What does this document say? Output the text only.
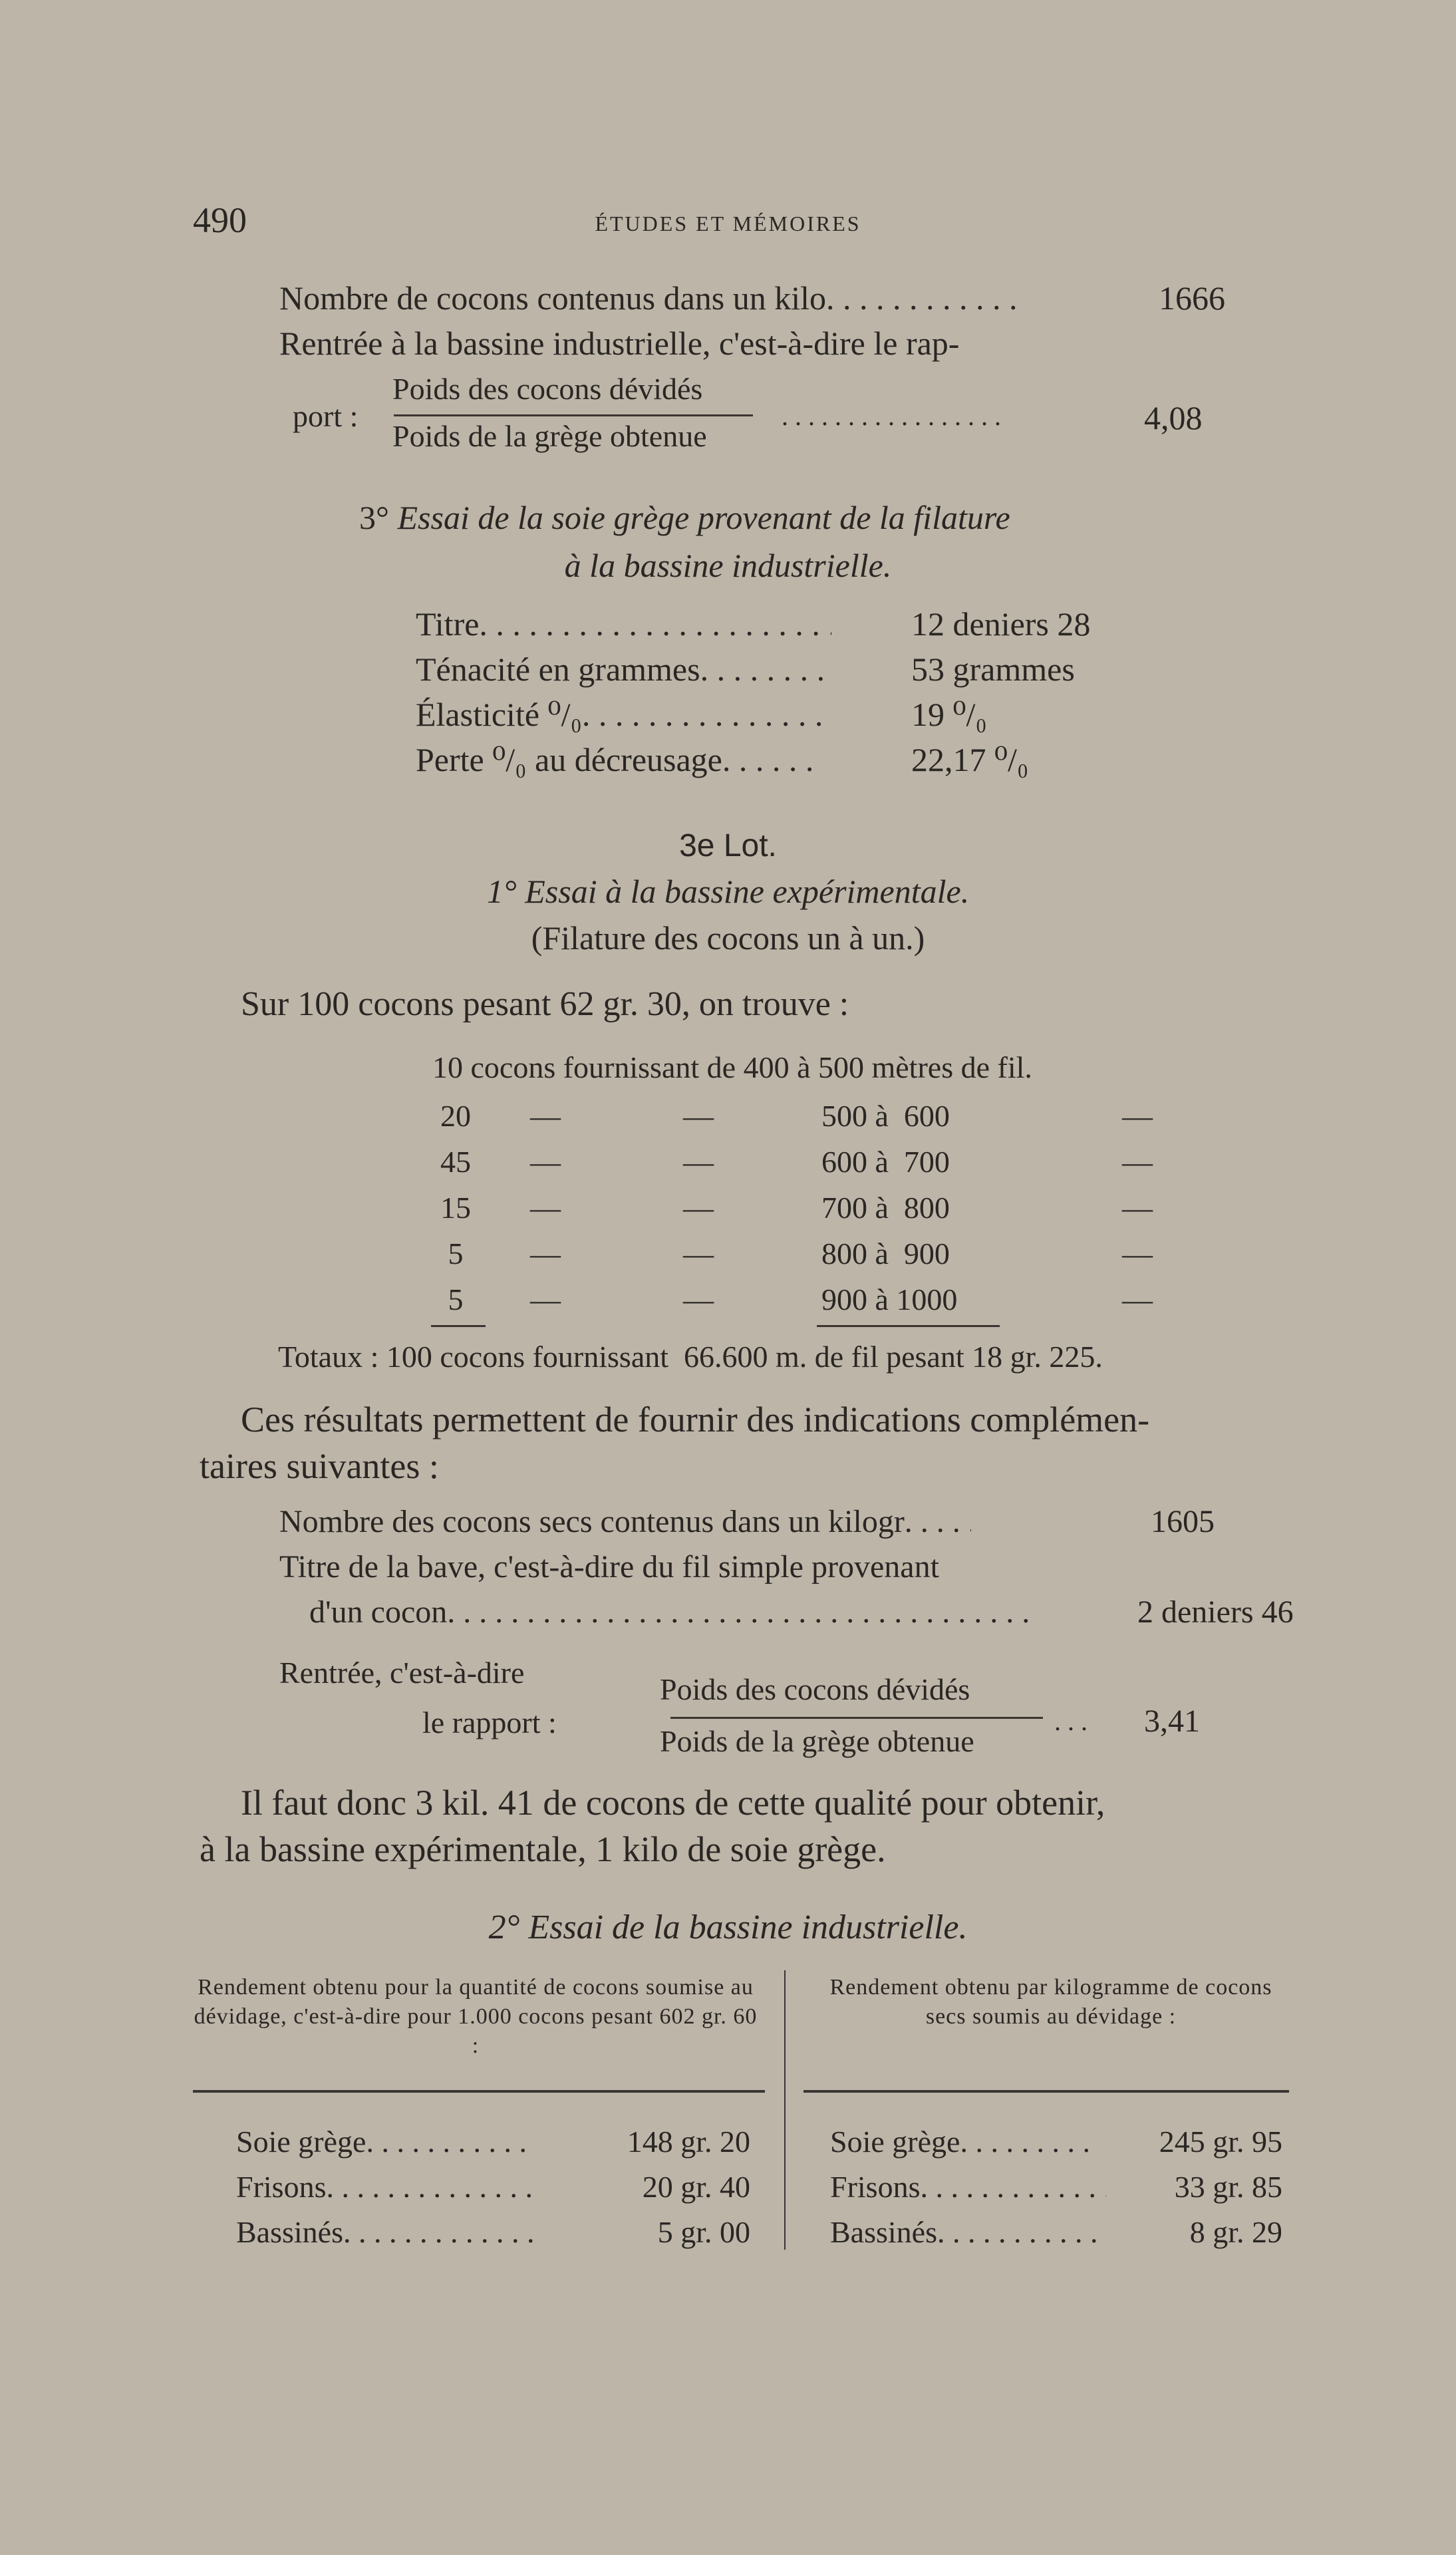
490	ÉTUDES ET MÉMOIRES
Nombre de cocons contenus dans un kilo . . .	1666
Rentrée à la bassine industrielle, c'est-à-dire le rap-
Poids des cocons dévidés
port :
Poids de la grège obtenue
. . . . . . . . . . . . . . . . .	4,08
3° Essai de la soie grège provenant de la filature
à la bassine industrielle.
Titre . . .	12 deniers 28
Ténacité en grammes . . .	53 grammes
Élasticité ⁰/₀ . . .	19 ⁰/₀
Perte ⁰/₀ au décreusage . . .	22,17 ⁰/₀
3e Lot.
1° Essai à la bassine expérimentale.
(Filature des cocons un à un.)
Sur 100 cocons pesant 62 gr. 30, on trouve :
10 cocons fournissant de 400 à 500 mètres de fil.
20	—	—	500 à  600	—
45	—	—	600 à  700	—
15	—	—	700 à  800	—
5	—	—	800 à  900	—
5	—	—	900 à 1000	—
Totaux : 100 cocons fournissant  66.600 m. de fil pesant 18 gr. 225.
Ces résultats permettent de fournir des indications complémen-
taires suivantes :
Nombre des cocons secs contenus dans un kilogr . . .	1605
Titre de la bave, c'est-à-dire du fil simple provenant
d'un cocon . . .	2 deniers 46
Rentrée, c'est-à-dire
le rapport :
Poids des cocons dévidés
Poids de la grège obtenue
. . . 3,41
Il faut donc 3 kil. 41 de cocons de cette qualité pour obtenir,
à la bassine expérimentale, 1 kilo de soie grège.
2° Essai de la bassine industrielle.
Rendement obtenu pour la quantité de cocons soumise au dévidage, c'est-à-dire pour 1.000 cocons pesant 602 gr. 60 :
Rendement obtenu par kilogramme de cocons secs soumis au dévidage :
Soie grège . . .	148 gr. 20
Frisons . . .	20 gr. 40
Bassinés . . .	5 gr. 00
Soie grège . . .	245 gr. 95
Frisons . . .	33 gr. 85
Bassinés . . .	8 gr. 29
